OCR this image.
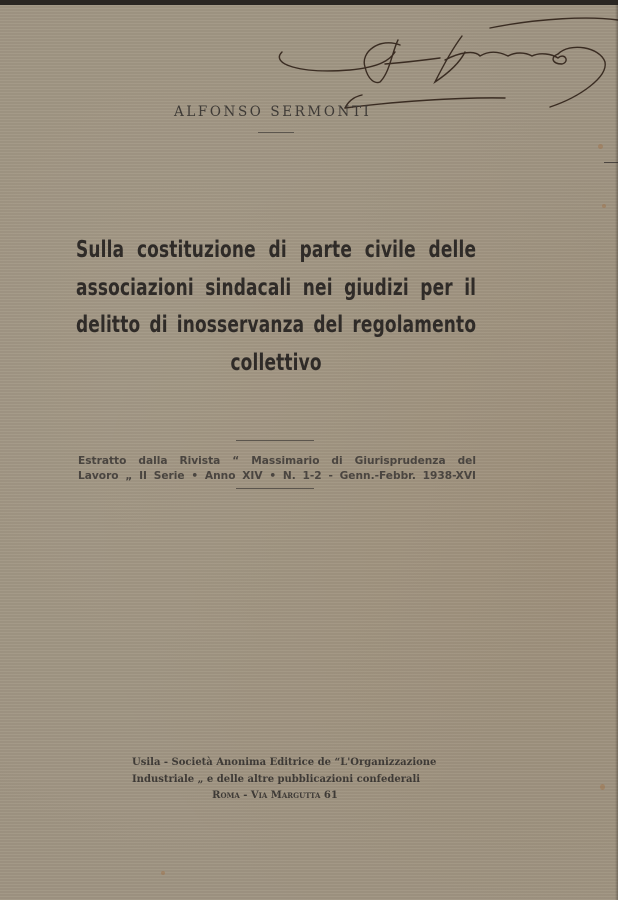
ALFONSO SERMONTI
Sulla costituzione di parte civile delle
associazioni sindacali nei giudizi per il
delitto di inosservanza del regolamento
collettivo
Estratto dalla Rivista “ Massimario di Giurisprudenza del
Lavoro „ II Serie • Anno XIV • N. 1-2 - Genn.-Febbr. 1938-XVI
Usila - Società Anonima Editrice de “L'Organizzazione
Industriale „ e delle altre pubblicazioni confederali
Roma - Via Margutta 61
